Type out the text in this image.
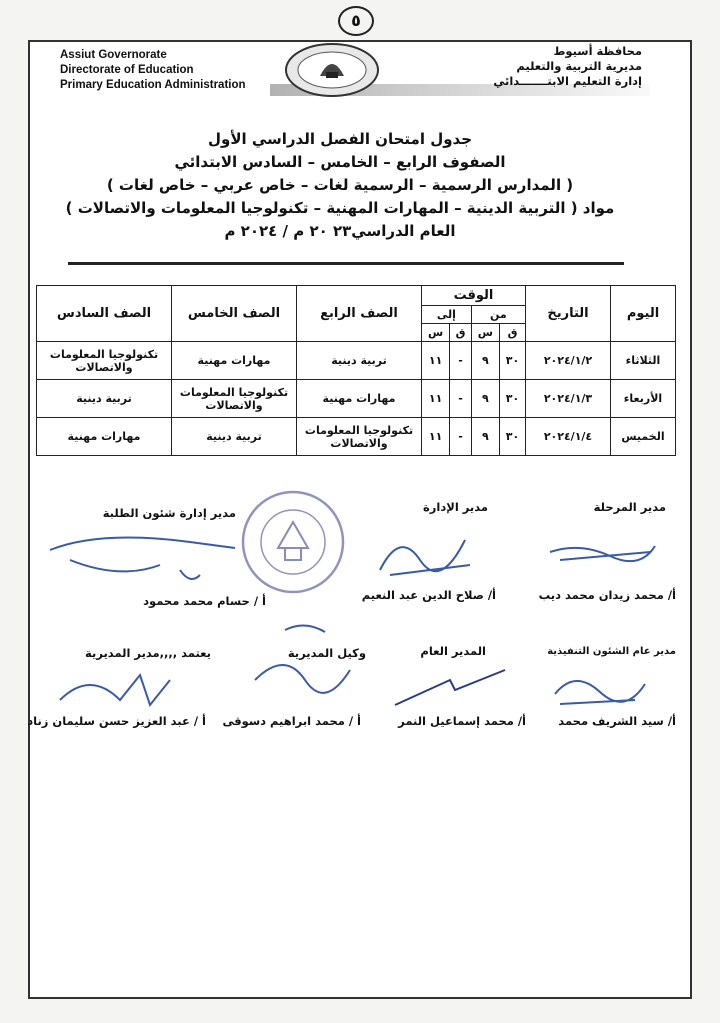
٥
Assiut Governorate
Directorate of Education
Primary Education Administration
محافظة أسيوط
مديرية التربية والتعليم
إدارة التعليم الابتـــــــدائي
جدول امتحان الفصل الدراسي الأول
الصفوف الرابع – الخامس – السادس الابتدائي
( المدارس الرسمية – الرسمية لغات – خاص عربي – خاص لغات )
مواد ( التربية الدينية – المهارات المهنية – تكنولوجيا المعلومات والاتصالات )
العام الدراسي٢٣ ٢٠ م / ٢٠٢٤ م
اليوم	التاريخ	الوقت				الصف الرابع	الصف الخامس	الصف السادس
		من		إلى				
		ق	س	ق	س			
الثلاثاء	٢٠٢٤/١/٢	٣٠	٩	-	١١	تربية دينية	مهارات مهنية	تكنولوجيا المعلومات والاتصالات
الأربعاء	٢٠٢٤/١/٣	٣٠	٩	-	١١	مهارات مهنية	تكنولوجيا المعلومات والاتصالات	تربية دينية
الخميس	٢٠٢٤/١/٤	٣٠	٩	-	١١	تكنولوجيا المعلومات والاتصالات	تربية دينية	مهارات مهنية
مدير المرحلة
مدير الإدارة
مدير إدارة شئون الطلبة
أ/ محمد زيدان محمد ديب
أ/ صلاح الدين عبد النعيم
أ / حسام محمد محمود
مدير عام الشئون التنفيذية
المدير العام
وكيل المديرية
يعتمد ,,,,مدير المديرية
أ/ سيد الشريف محمد
أ/ محمد إسماعيل النمر
أ / محمد ابراهيم دسوقى
أ / عبد العزيز حسن سليمان زناد
